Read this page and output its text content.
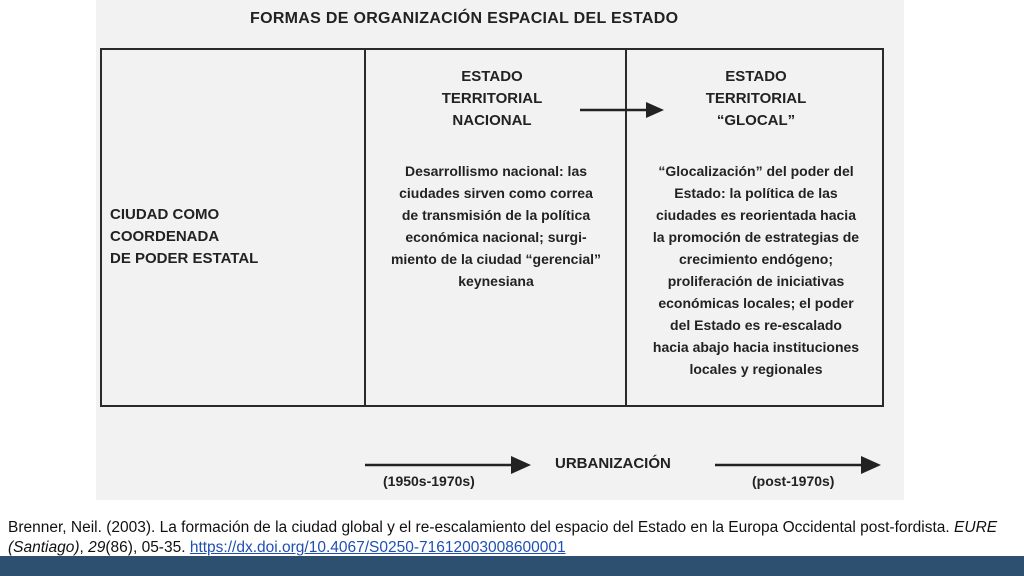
FORMAS DE ORGANIZACIÓN ESPACIAL DEL ESTADO
CIUDAD COMO
COORDENADA
DE PODER ESTATAL
ESTADO
TERRITORIAL
NACIONAL
Desarrollismo nacional: las
ciudades sirven como correa
de transmisión de la política
económica nacional; surgi-
miento de la ciudad “gerencial”
keynesiana
ESTADO
TERRITORIAL
“GLOCAL”
“Glocalización” del poder del
Estado: la política de las
ciudades es reorientada hacia
la promoción de estrategias de
crecimiento endógeno;
proliferación de iniciativas
económicas locales; el poder
del Estado es re-escalado
hacia abajo hacia instituciones
locales y regionales
URBANIZACIÓN
(1950s-1970s)	(post-1970s)
Brenner, Neil. (2003). La formación de la ciudad global y el re-escalamiento del espacio del Estado en la Europa Occidental post-fordista. EURE (Santiago), 29(86), 05-35. https://dx.doi.org/10.4067/S0250-71612003008600001
